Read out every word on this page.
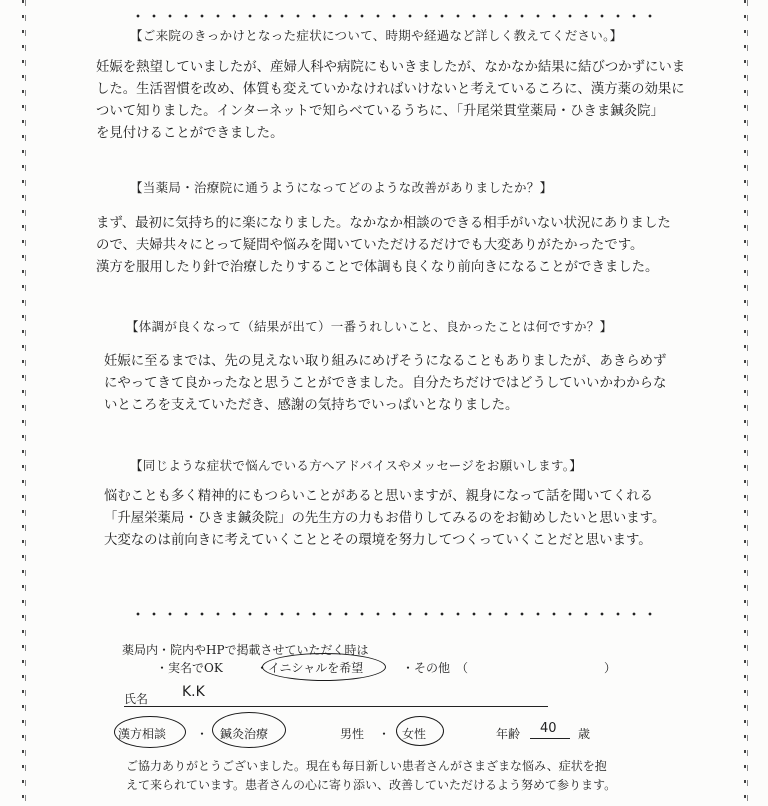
【ご来院のきっかけとなった症状について、時期や経過など詳しく教えてください。】
妊娠を熱望していましたが、産婦人科や病院にもいきましたが、なかなか結果に結びつかずにいま
した。生活習慣を改め、体質も変えていかなければいけないと考えているころに、漢方薬の効果に
ついて知りました。インターネットで知らべているうちに、「升尾栄貫堂薬局・ひきま鍼灸院」
を見付けることができました。
【当薬局・治療院に通うようになってどのような改善がありましたか？】
まず、最初に気持ち的に楽になりました。なかなか相談のできる相手がいない状況にありました
ので、夫婦共々にとって疑問や悩みを聞いていただけるだけでも大変ありがたかったです。
漢方を服用したり針で治療したりすることで体調も良くなり前向きになることができました。
【体調が良くなって（結果が出て）一番うれしいこと、良かったことは何ですか？】
妊娠に至るまでは、先の見えない取り組みにめげそうになることもありましたが、あきらめず
にやってきて良かったなと思うことができました。自分たちだけではどうしていいかわからな
いところを支えていただき、感謝の気持ちでいっぱいとなりました。
【同じような症状で悩んでいる方へアドバイスやメッセージをお願いします。】
悩むことも多く精神的にもつらいことがあると思いますが、親身になって話を聞いてくれる
「升屋栄薬局・ひきま鍼灸院」の先生方の力もお借りしてみるのをお勧めしたいと思います。
大変なのは前向きに考えていくこととその環境を努力してつくっていくことだと思います。
薬局内・院内やHPで掲載させていただく時は
・実名でOK	・イニシャルを希望	・その他　（	）
氏名 K.K
漢方相談 ・ 鍼灸治療	男性 ・ 女性	年齢 40 歳
ご協力ありがとうございました。現在も毎日新しい患者さんがさまざまな悩み、症状を抱
えて来られています。患者さんの心に寄り添い、改善していただけるよう努めて参ります。
